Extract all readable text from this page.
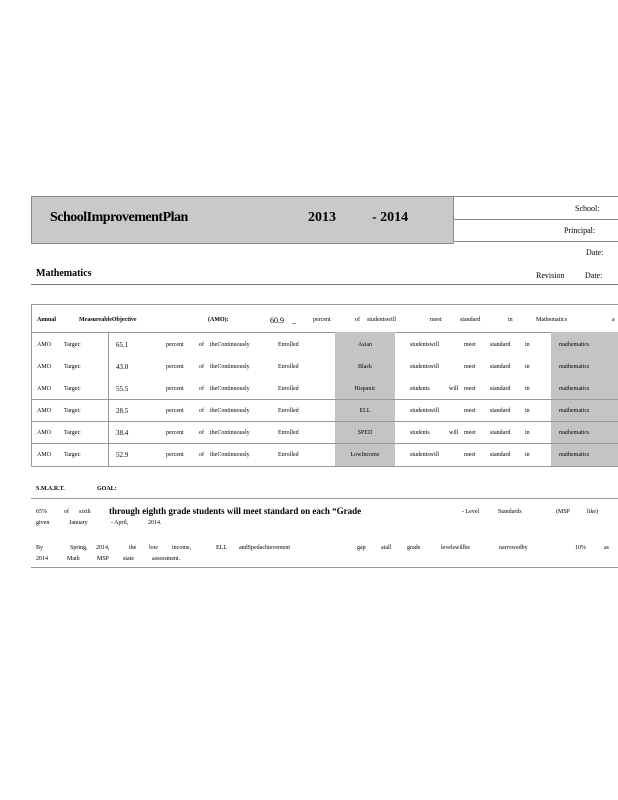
SchoolImprovementPlan	2013	- 2014
School:
Principal:
Date:
Mathematics	Revision	Date:
Annual	MeasureableObjective	(AMO):	60.9 _	percent	of studentswill	meet	standard	in	Mathematics	a
AMO Target:	65.1	percent	of theContinuously	Enrolled	Asian	studentswill	meet standard in	mathematics
AMO Target:	43.0	percent	of theContinuously	Enrolled	Black	studentswill	meet standard in	mathematics
AMO Target:	55.5	percent	of theContinuously	Enrolled	Hispanic	students	will meet standard in	mathematics
AMO Target:	28.5	percent	of theContinuously	Enrolled	ELL	studentswill	meet standard in	mathematics
AMO Target:	38.4	percent	of theContinuously	Enrolled	SPED	students	will meet standard in	mathematics
AMO Target:	52.9	percent	of theContinuously	Enrolled	LowIncome	studentswill	meet standard in	mathematics
S.M.A.R.T.	GOAL:
65%	of sixth through eighth grade students will meet standard on each “Grade	- Level	Standards	(MSP	like)
given	January	- April,	2014.
By	Spring, 2014,	the low income,	ELL andSpedachievement	gap	atall	grade	levelswillbe	narrowedby	10%	as
2014	Math	MSP state	assessment.
